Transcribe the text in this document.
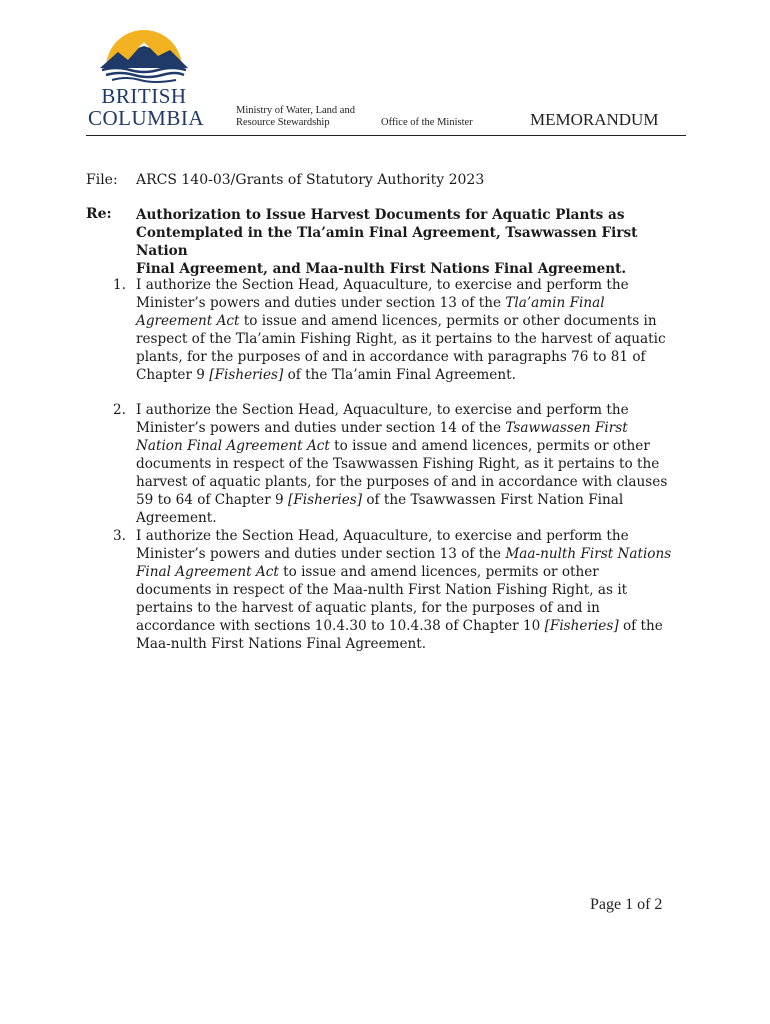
BRITISH
COLUMBIA	Ministry of Water, Land and
Resource Stewardship	Office of the Minister	MEMORANDUM
File: ARCS 140-03/Grants of Statutory Authority 2023
Re: Authorization to Issue Harvest Documents for Aquatic Plants as
Contemplated in the Tla’amin Final Agreement, Tsawwassen First Nation
Final Agreement, and Maa-nulth First Nations Final Agreement.
1. I authorize the Section Head, Aquaculture, to exercise and perform the Minister’s powers and duties under section 13 of the Tla’amin Final Agreement Act to issue and amend licences, permits or other documents in respect of the Tla’amin Fishing Right, as it pertains to the harvest of aquatic plants, for the purposes of and in accordance with paragraphs 76 to 81 of Chapter 9 [Fisheries] of the Tla’amin Final Agreement.
2. I authorize the Section Head, Aquaculture, to exercise and perform the Minister’s powers and duties under section 14 of the Tsawwassen First Nation Final Agreement Act to issue and amend licences, permits or other documents in respect of the Tsawwassen Fishing Right, as it pertains to the harvest of aquatic plants, for the purposes of and in accordance with clauses 59 to 64 of Chapter 9 [Fisheries] of the Tsawwassen First Nation Final Agreement.
3. I authorize the Section Head, Aquaculture, to exercise and perform the Minister’s powers and duties under section 13 of the Maa-nulth First Nations Final Agreement Act to issue and amend licences, permits or other documents in respect of the Maa-nulth First Nation Fishing Right, as it pertains to the harvest of aquatic plants, for the purposes of and in accordance with sections 10.4.30 to 10.4.38 of Chapter 10 [Fisheries] of the Maa-nulth First Nations Final Agreement.
Page 1 of 2
